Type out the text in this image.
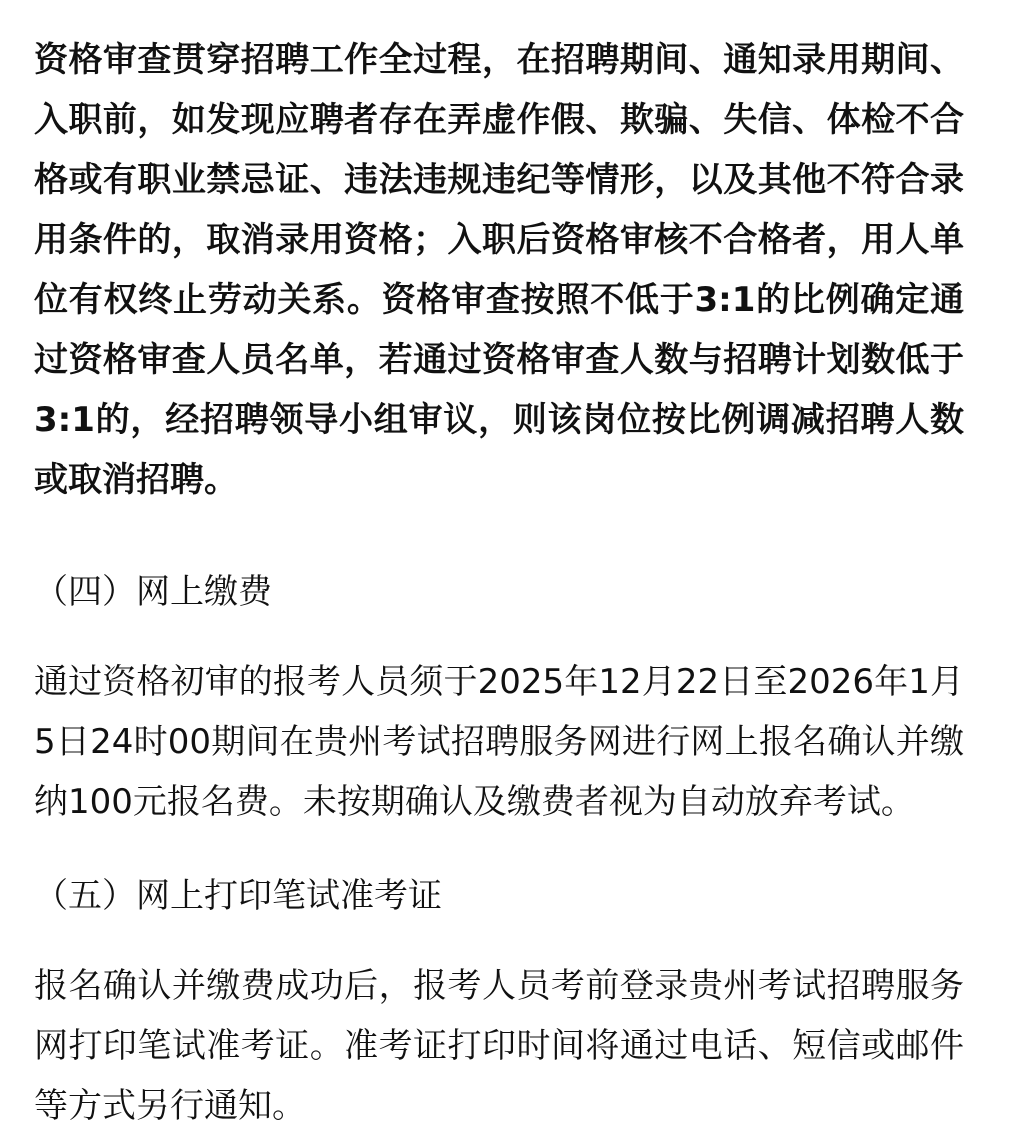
资格审查贯穿招聘工作全过程，在招聘期间、通知录用期间、入职前，如发现应聘者存在弄虚作假、欺骗、失信、体检不合格或有职业禁忌证、违法违规违纪等情形，以及其他不符合录用条件的，取消录用资格；入职后资格审核不合格者，用人单位有权终止劳动关系。资格审查按照不低于3:1的比例确定通过资格审查人员名单，若通过资格审查人数与招聘计划数低于3:1的，经招聘领导小组审议，则该岗位按比例调减招聘人数或取消招聘。

（四）网上缴费

通过资格初审的报考人员须于2025年12月22日至2026年1月5日24时00期间在贵州考试招聘服务网进行网上报名确认并缴纳100元报名费。未按期确认及缴费者视为自动放弃考试。

（五）网上打印笔试准考证

报名确认并缴费成功后，报考人员考前登录贵州考试招聘服务网打印笔试准考证。准考证打印时间将通过电话、短信或邮件等方式另行通知。
